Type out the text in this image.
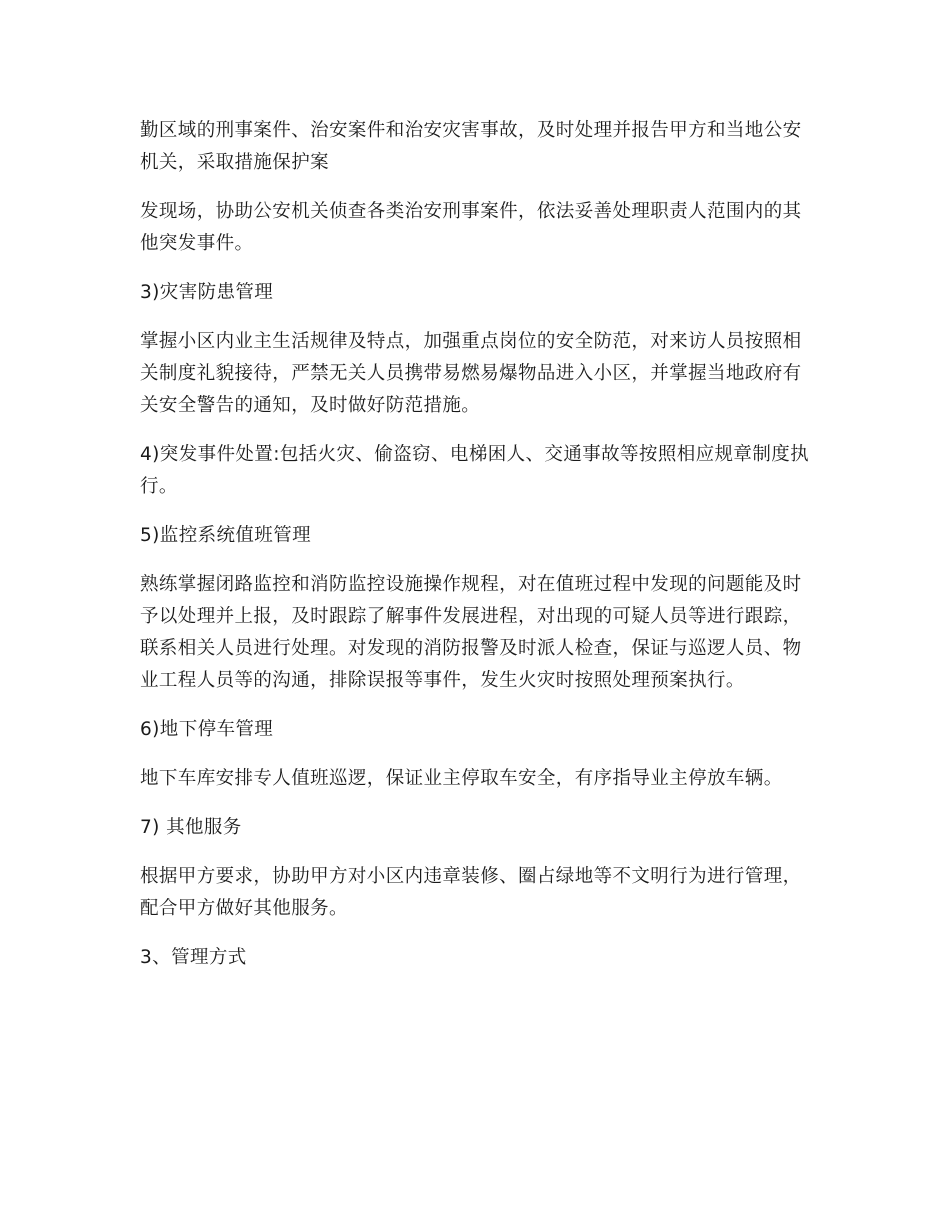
勤区域的刑事案件、治安案件和治安灾害事故，及时处理并报告甲方和当地公安机关，采取措施保护案

发现场，协助公安机关侦查各类治安刑事案件，依法妥善处理职责人范围内的其他突发事件。

3)灾害防患管理

掌握小区内业主生活规律及特点，加强重点岗位的安全防范，对来访人员按照相关制度礼貌接待，严禁无关人员携带易燃易爆物品进入小区，并掌握当地政府有关安全警告的通知，及时做好防范措施。

4)突发事件处置:包括火灾、偷盗窃、电梯困人、交通事故等按照相应规章制度执行。

5)监控系统值班管理

熟练掌握闭路监控和消防监控设施操作规程，对在值班过程中发现的问题能及时予以处理并上报，及时跟踪了解事件发展进程，对出现的可疑人员等进行跟踪，联系相关人员进行处理。对发现的消防报警及时派人检查，保证与巡逻人员、物业工程人员等的沟通，排除误报等事件，发生火灾时按照处理预案执行。

6)地下停车管理

地下车库安排专人值班巡逻，保证业主停取车安全，有序指导业主停放车辆。

7) 其他服务

根据甲方要求，协助甲方对小区内违章装修、圈占绿地等不文明行为进行管理，配合甲方做好其他服务。

3、管理方式
